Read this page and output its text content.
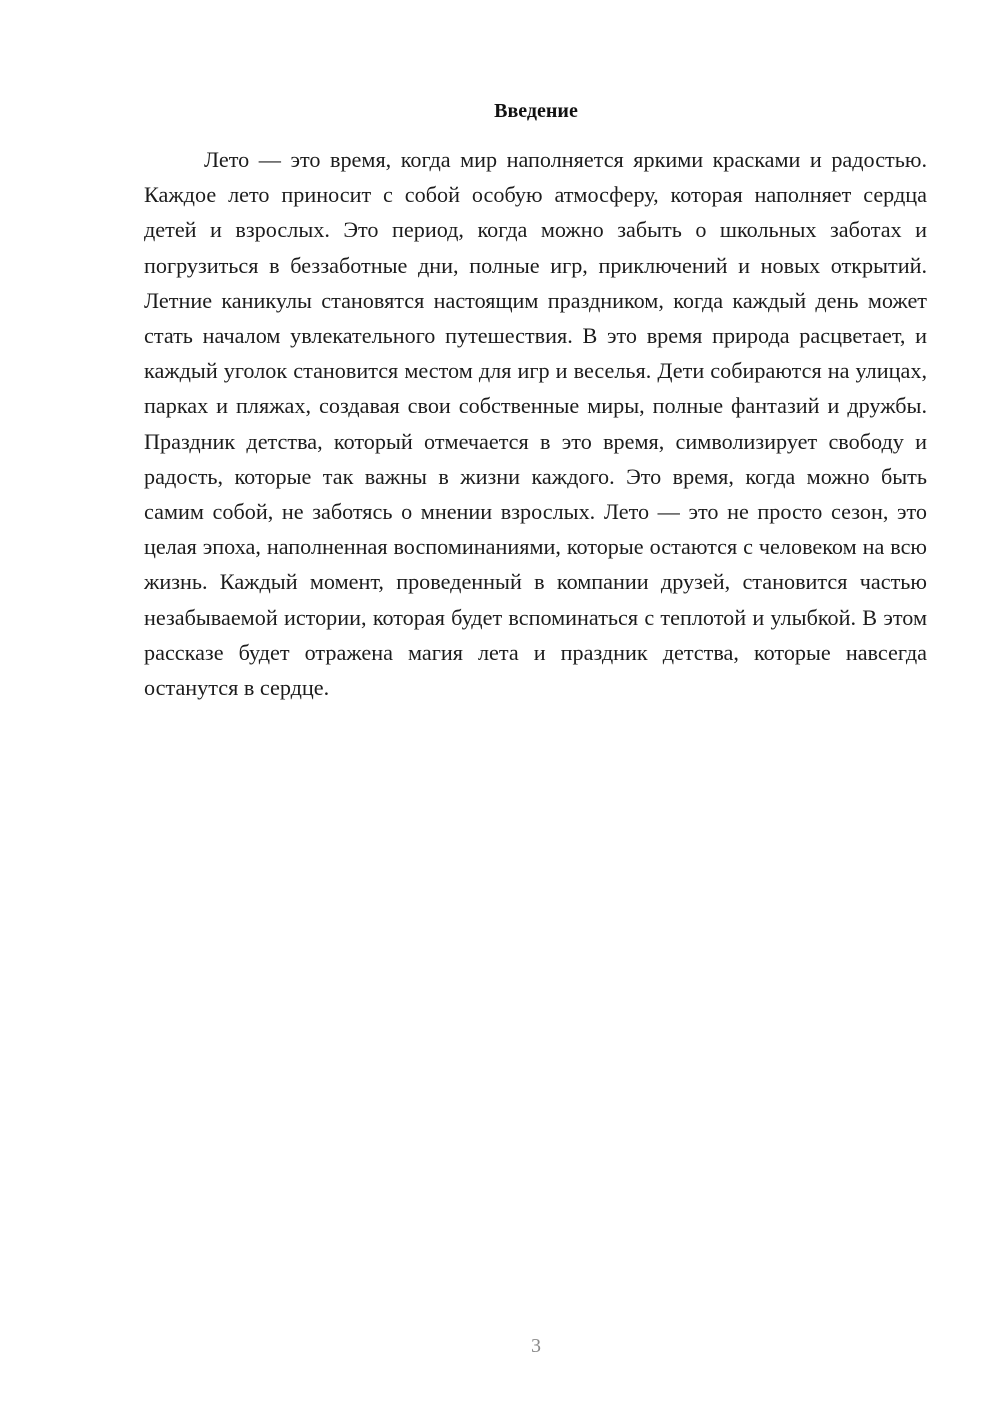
Введение

Лето — это время, когда мир наполняется яркими красками и радостью. Каждое лето приносит с собой особую атмосферу, которая наполняет сердца детей и взрослых. Это период, когда можно забыть о школьных заботах и погрузиться в беззаботные дни, полные игр, приключений и новых открытий. Летние каникулы становятся настоящим праздником, когда каждый день может стать началом увлекательного путешествия. В это время природа расцветает, и каждый уголок становится местом для игр и веселья. Дети собираются на улицах, парках и пляжах, создавая свои собственные миры, полные фантазий и дружбы. Праздник детства, который отмечается в это время, символизирует свободу и радость, которые так важны в жизни каждого. Это время, когда можно быть самим собой, не заботясь о мнении взрослых. Лето — это не просто сезон, это целая эпоха, наполненная воспоминаниями, которые остаются с человеком на всю жизнь. Каждый момент, проведенный в компании друзей, становится частью незабываемой истории, которая будет вспоминаться с теплотой и улыбкой. В этом рассказе будет отражена магия лета и праздник детства, которые навсегда останутся в сердце.

3
